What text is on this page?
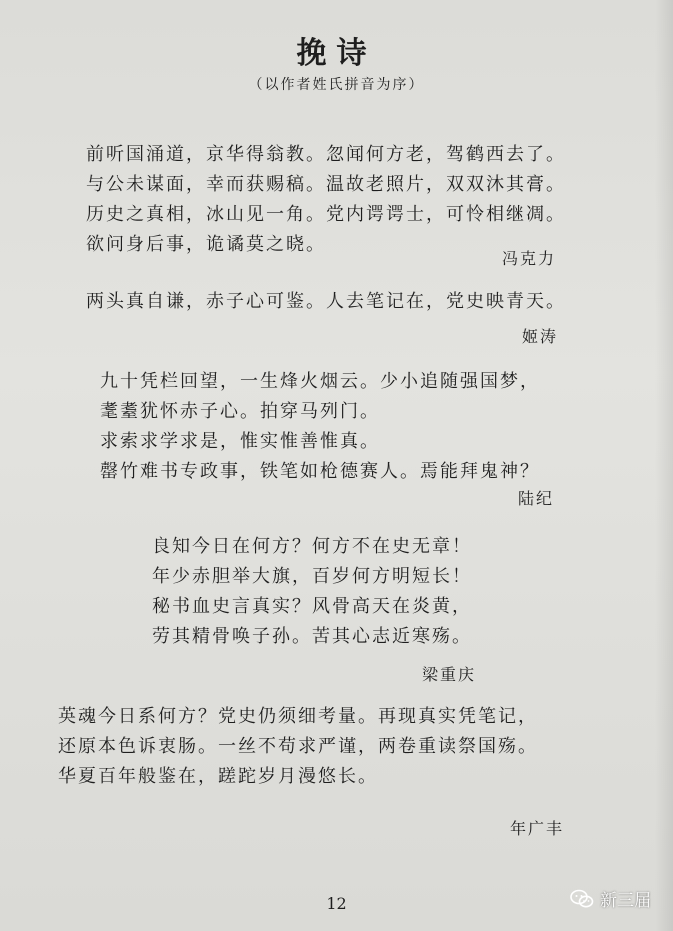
挽诗
（以作者姓氏拼音为序）
前听国涌道，京华得翁教。忽闻何方老，驾鹤西去了。
与公未谋面，幸而获赐稿。温故老照片，双双沐其膏。
历史之真相，冰山见一角。党内谔谔士，可怜相继凋。
欲问身后事，诡谲莫之晓。
冯克力
两头真自谦，赤子心可鉴。人去笔记在，党史映青天。
姬涛
九十凭栏回望，一生烽火烟云。少小追随强国梦，
耄耋犹怀赤子心。拍穿马列门。
求索求学求是，惟实惟善惟真。
罄竹难书专政事，铁笔如枪德赛人。焉能拜鬼神？
陆纪
良知今日在何方？何方不在史无章！
年少赤胆举大旗，百岁何方明短长！
秘书血史言真实？风骨高天在炎黄，
劳其精骨唤子孙。苦其心志近寒殇。
梁重庆
英魂今日系何方？党史仍须细考量。再现真实凭笔记，
还原本色诉衷肠。一丝不苟求严谨，两卷重读祭国殇。
华夏百年般鉴在，蹉跎岁月漫悠长。
年广丰
12	新三届
